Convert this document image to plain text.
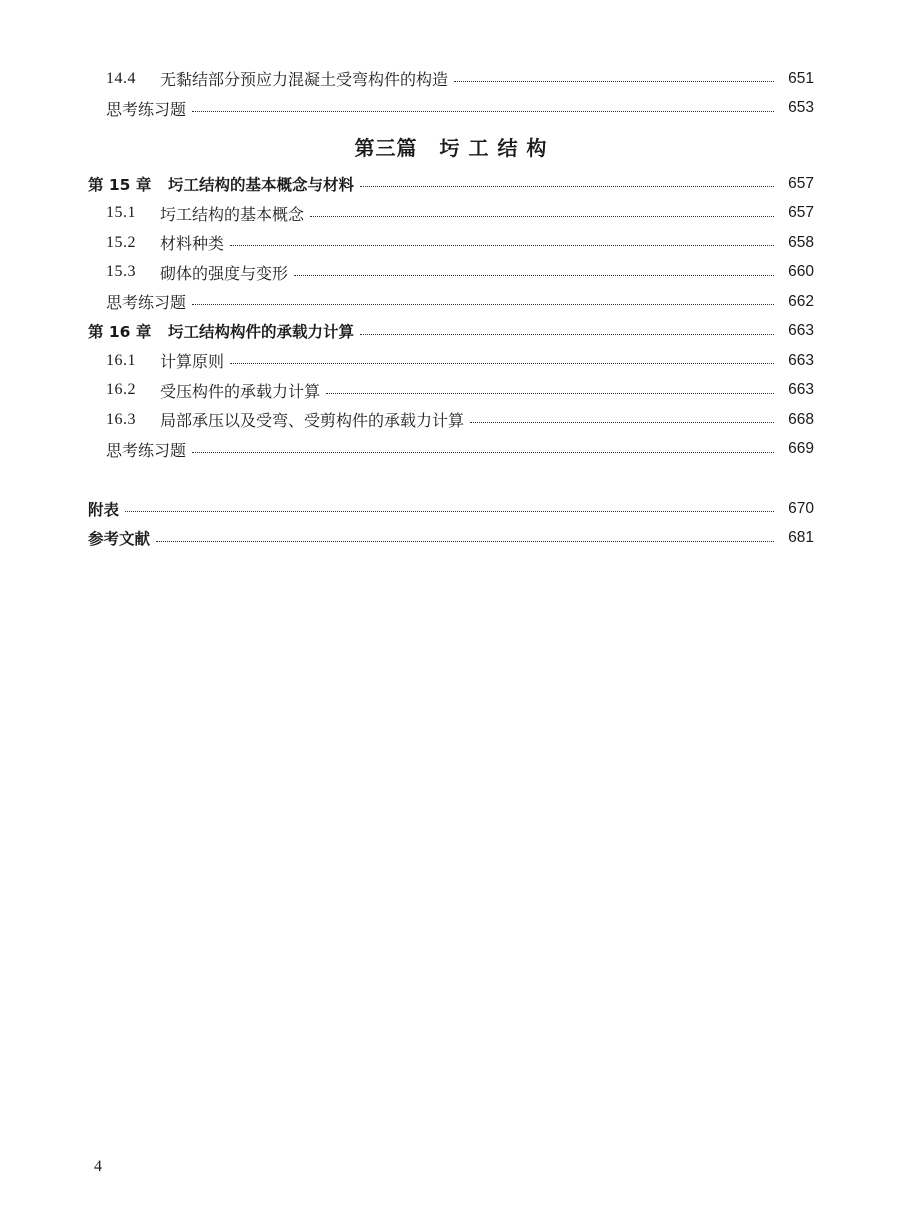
14.4	无黏结部分预应力混凝土受弯构件的构造	651
思考练习题	653
第三篇 圬 工 结 构
第 15 章	圬工结构的基本概念与材料	657
15.1	圬工结构的基本概念	657
15.2	材料种类	658
15.3	砌体的强度与变形	660
思考练习题	662
第 16 章	圬工结构构件的承载力计算	663
16.1	计算原则	663
16.2	受压构件的承载力计算	663
16.3	局部承压以及受弯、受剪构件的承载力计算	668
思考练习题	669
附表	670
参考文献	681
4
